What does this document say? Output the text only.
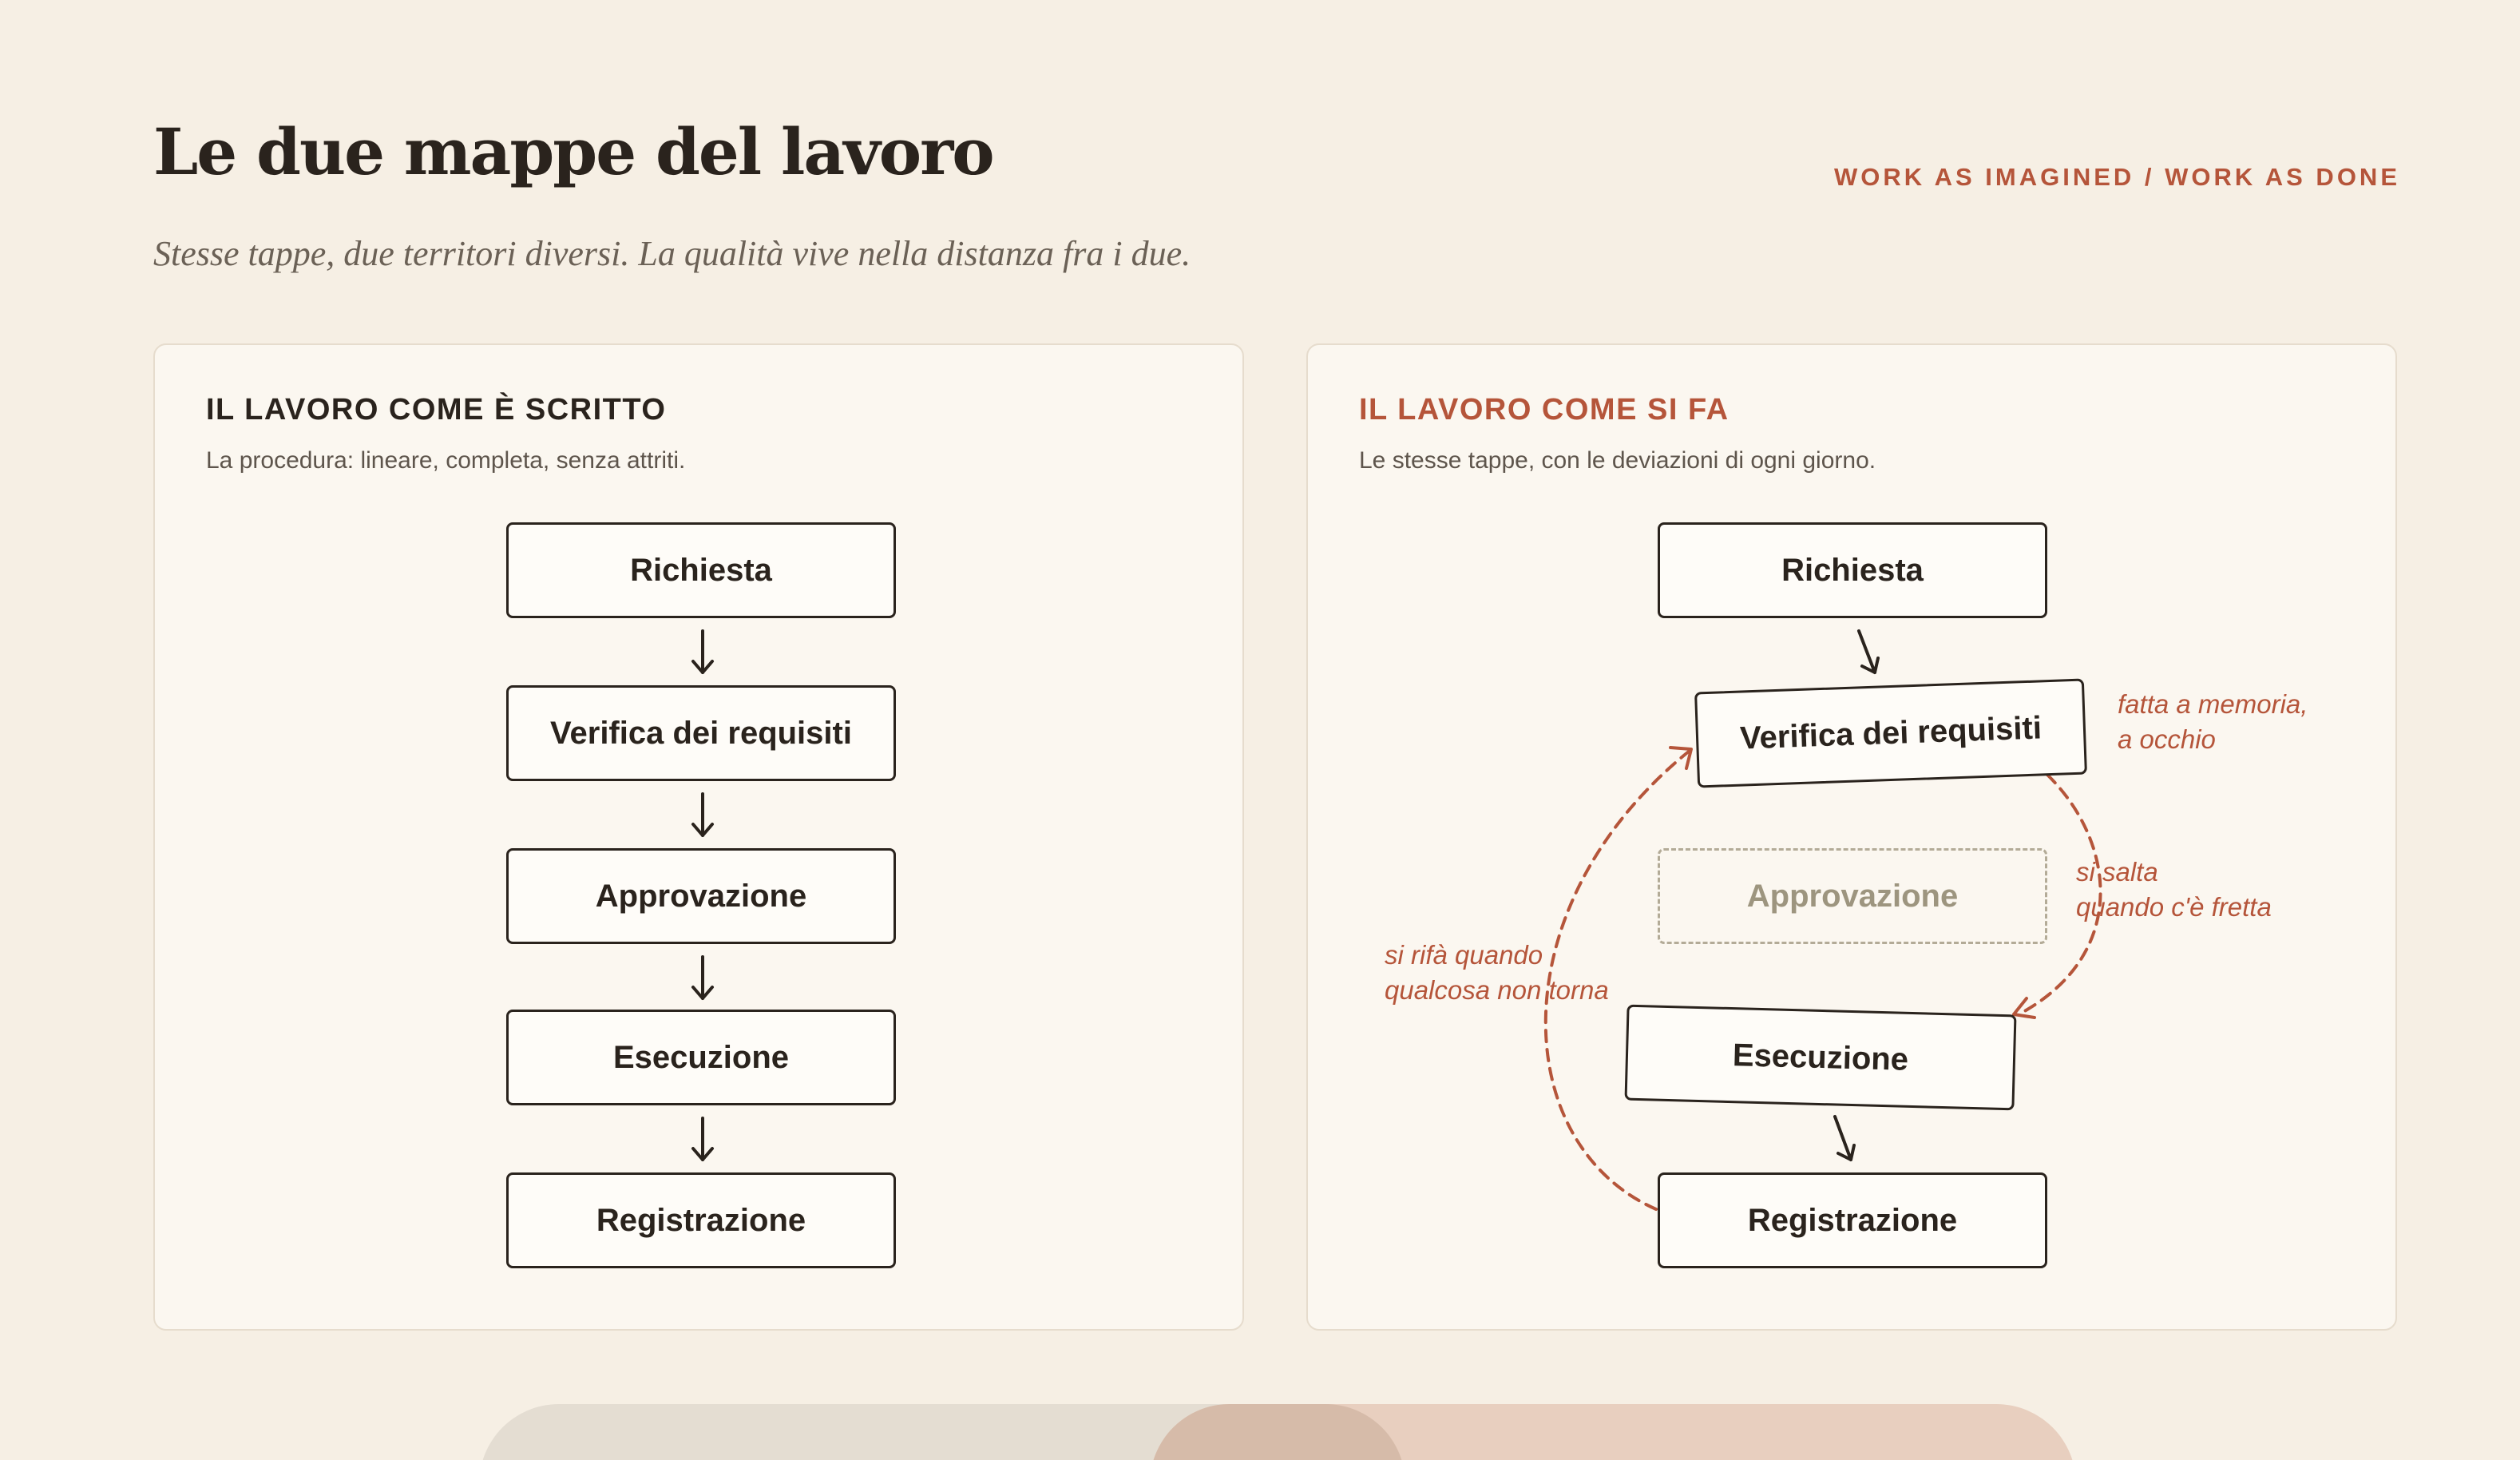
Le due mappe del lavoro

Stesse tappe, due territori diversi. La qualità vive nella distanza fra i due.

WORK AS IMAGINED / WORK AS DONE
IL LAVORO COME È SCRITTO
La procedura: lineare, completa, senza attriti.
Richiesta
Verifica dei requisiti
Approvazione
Esecuzione
Registrazione
IL LAVORO COME SI FA
Le stesse tappe, con le deviazioni di ogni giorno.
Richiesta
Verifica dei requisiti
Approvazione
Esecuzione
Registrazione
fatta a memoria,
a occhio
si salta
quando c'è fretta
si rifà quando
qualcosa non torna
